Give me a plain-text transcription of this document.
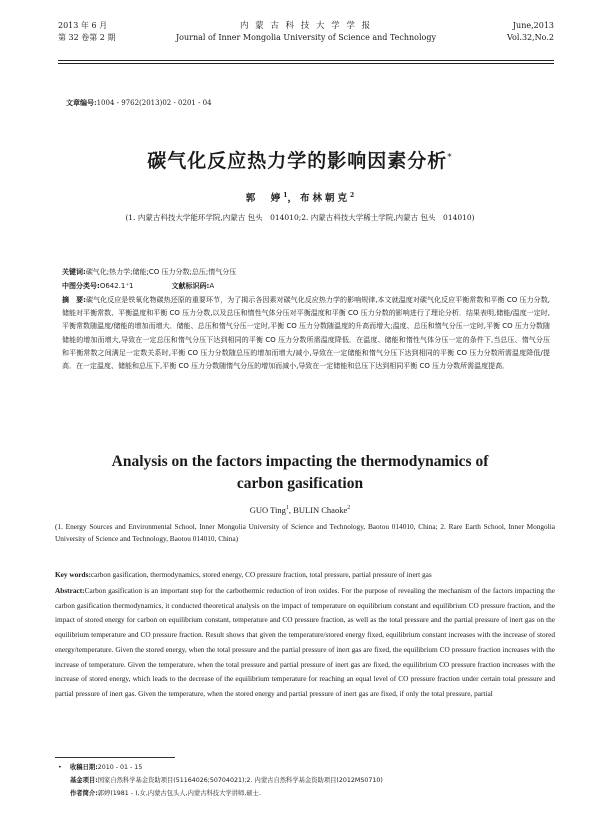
2013 年 6 月
第 32 卷第 2 期
内 蒙 古 科 技 大 学 学 报
Journal of Inner Mongolia University of Science and Technology
June,2013
Vol.32,No.2
文章编号:1004 - 9762(2013)02 - 0201 - 04
碳气化反应热力学的影响因素分析*
郭　婷$^1$，布林朝克$^2$
(1. 内蒙古科技大学能环学院,内蒙古 包头　014010;2. 内蒙古科技大学稀土学院,内蒙古 包头　014010)
关键词:碳气化;热力学;储能;CO 压力分数;总压;惰气分压
中图分类号:O642.1⁺1	文献标识码:A
摘　要:碳气化反应是铁氧化物碳热还原的重要环节，为了揭示各因素对碳气化反应热力学的影响规律,本文就温度对碳气化反应平衡常数和平衡 CO 压力分数,储能对平衡常数、平衡温度和平衡 CO 压力分数,以及总压和惰性气体分压对平衡温度和平衡 CO 压力分数的影响进行了理论分析．结果表明,储能/温度一定时,平衡常数随温度/储能的增加而增大．储能、总压和惰气分压一定时,平衡 CO 压力分数随温度的升高而增大;温度、总压和惰气分压一定时,平衡 CO 压力分数随储能的增加而增大,导致在一定总压和惰气分压下达到相同的平衡 CO 压力分数所需温度降低．在温度、储能和惰性气体分压一定的条件下,当总压、惰气分压和平衡常数之间满足一定数关系时,平衡 CO 压力分数随总压的增加而增大/减小,导致在一定储能和惰气分压下达到相同的平衡 CO 压力分数所需温度降低/提高．在一定温度、储能和总压下,平衡 CO 压力分数随惰气分压的增加而减小,导致在一定储能和总压下达到相同平衡 CO 压力分数所需温度提高．
Analysis on the factors impacting the thermodynamics of
carbon gasification
GUO Ting$^1$, BULIN Chaoke$^2$
(1. Energy Sources and Environmental School, Inner Mongolia University of Science and Technology, Baotou 014010, China; 2. Rare Earth School, Inner Mongolia University of Science and Technology, Baotou 014010, China)
Key words:carbon gasification, thermodynamics, stored energy, CO pressure fraction, total pressure, partial pressure of inert gas
Abstract:Carbon gasification is an important step for the carbothermic reduction of iron oxides. For the purpose of revealing the mechanism of the factors impacting the carbon gasification thermodynamics, it conducted theoretical analysis on the impact of temperature on equilibrium constant and equilibrium CO pressure fraction, and the impact of stored energy for carbon on equilibrium constant, temperature and CO pressure fraction, as well as the total pressure and the partial pressure of inert gas on the equilibrium temperature and CO pressure fraction. Result shows that given the temperature/stored energy fixed, equilibrium constant increases with the increase of stored energy/temperature. Given the stored energy, when the total pressure and the partial pressure of inert gas are fixed, the equilibrium CO pressure fraction increases with the increase of temperature. Given the temperature, when the total pressure and partial pressure of inert gas are fixed, the equilibrium CO pressure fraction increases with the increase of stored energy, which leads to the decrease of the equilibrium temperature for reaching an equal level of CO pressure fraction under certain total pressure and partial pressure of inert gas. Given the temperature, when the stored energy and partial pressure of inert gas are fixed, if only the total pressure, partial
• 收稿日期:2010 - 01 - 15
基金项目:国家自然科学基金资助项目(51164026;50704021);2. 内蒙古自然科学基金资助项目(2012MS0710)
作者简介:郭婷(1981 - ),女,内蒙古包头人,内蒙古科技大学讲师,硕士.
